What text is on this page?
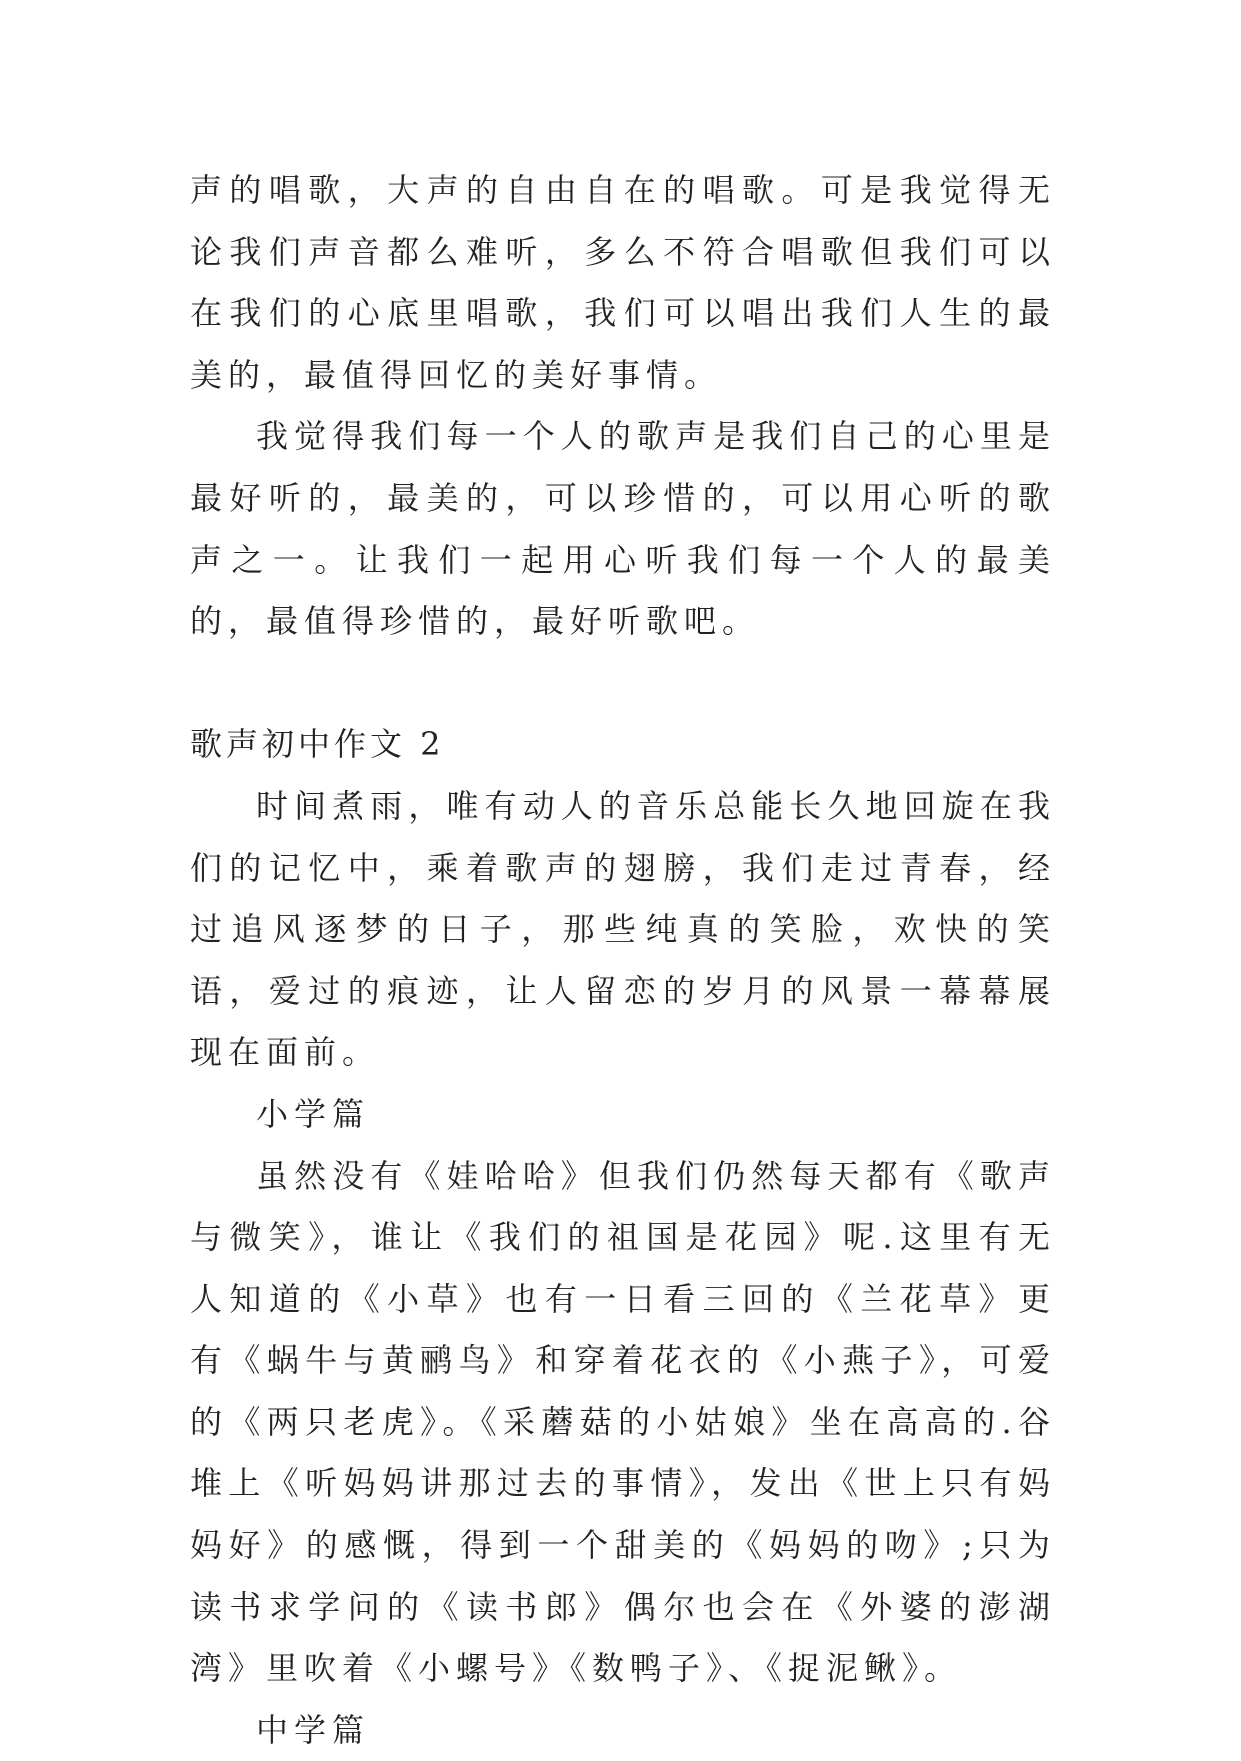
声的唱歌，大声的自由自在的唱歌。可是我觉得无论我们声音都么难听，多么不符合唱歌但我们可以在我们的心底里唱歌，我们可以唱出我们人生的最美的，最值得回忆的美好事情。

我觉得我们每一个人的歌声是我们自己的心里是最好听的，最美的，可以珍惜的，可以用心听的歌声之一。让我们一起用心听我们每一个人的最美的，最值得珍惜的，最好听歌吧。

歌声初中作文 2

时间煮雨，唯有动人的音乐总能长久地回旋在我们的记忆中，乘着歌声的翅膀，我们走过青春，经过追风逐梦的日子，那些纯真的笑脸，欢快的笑语，爱过的痕迹，让人留恋的岁月的风景一幕幕展现在面前。

小学篇

虽然没有《娃哈哈》但我们仍然每天都有《歌声与微笑》，谁让《我们的祖国是花园》呢.这里有无人知道的《小草》也有一日看三回的《兰花草》更有《蜗牛与黄鹂鸟》和穿着花衣的《小燕子》，可爱的《两只老虎》。《采蘑菇的小姑娘》坐在高高的.谷堆上《听妈妈讲那过去的事情》，发出《世上只有妈妈好》的感慨，得到一个甜美的《妈妈的吻》;只为读书求学问的《读书郎》偶尔也会在《外婆的澎湖湾》里吹着《小螺号》《数鸭子》、《捉泥鳅》。

中学篇
